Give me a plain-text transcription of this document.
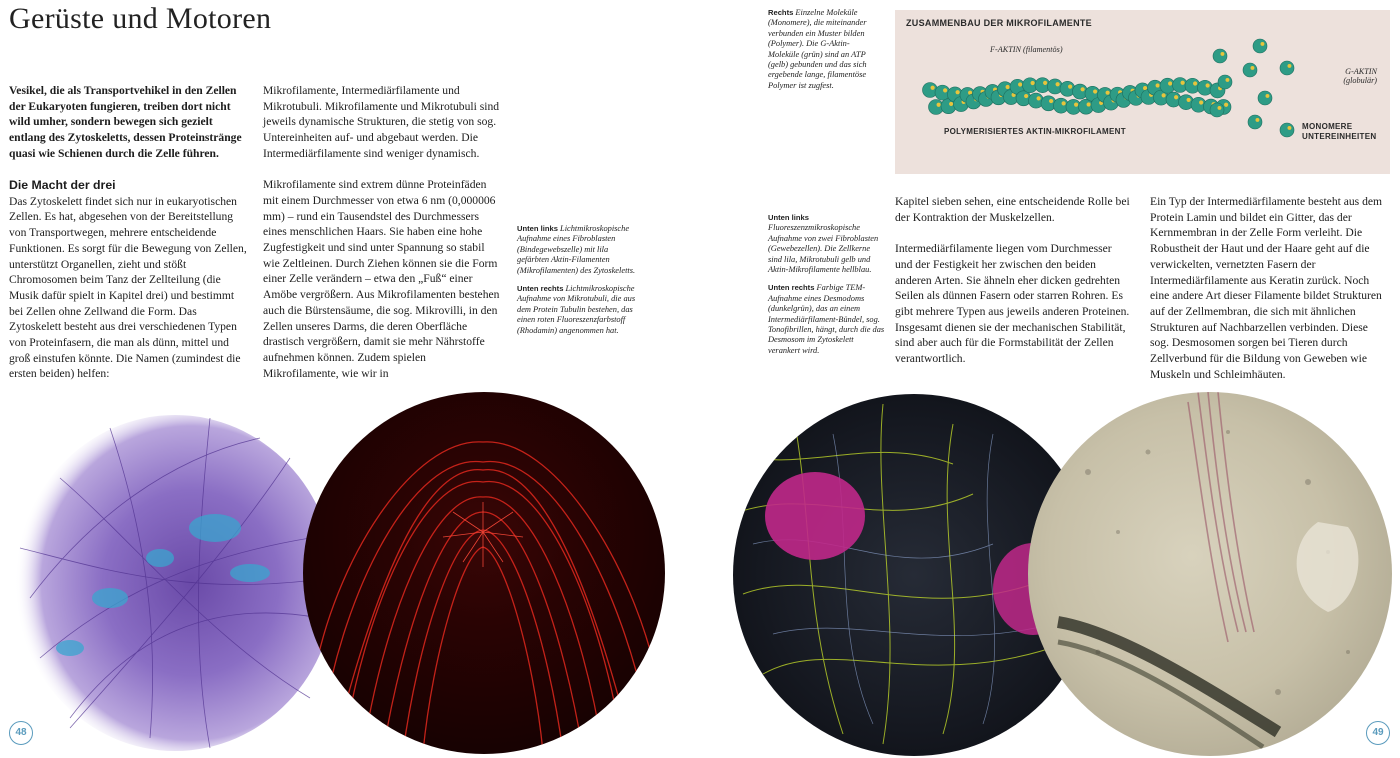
Gerüste und Motoren
Vesikel, die als Transportvehikel in den Zellen der Eukaryoten fungieren, treiben dort nicht wild umher, sondern bewegen sich gezielt entlang des Zytoskeletts, dessen Proteinstränge quasi wie Schienen durch die Zelle führen.
Die Macht der drei

Das Zytoskelett findet sich nur in eukaryotischen Zellen. Es hat, abgesehen von der Bereitstellung von Transportwegen, mehrere entscheidende Funktionen. Es sorgt für die Bewegung von Zellen, unterstützt Organellen, zieht und stößt Chromosomen beim Tanz der Zellteilung (die Musik dafür spielt in Kapitel drei) und bestimmt bei Zellen ohne Zellwand die Form. Das Zytoskelett besteht aus drei verschiedenen Typen von Proteinfasern, die man als dünn, mittel und groß einstufen könnte. Die Namen (zumindest die ersten beiden) helfen:

Mikrofilamente, Intermediärfilamente und Mikrotubuli. Mikrofilamente und Mikrotubuli sind jeweils dynamische Strukturen, die stetig von sog. Untereinheiten auf- und abgebaut werden. Die Intermediärfilamente sind weniger dynamisch.

Mikrofilamente sind extrem dünne Proteinfäden mit einem Durchmesser von etwa 6 nm (0,000006 mm) – rund ein Tausendstel des Durchmessers eines menschlichen Haars. Sie haben eine hohe Zugfestigkeit und sind unter Spannung so stabil wie Zeltleinen. Durch Ziehen können sie die Form einer Zelle verändern – etwa den „Fuß“ einer Amöbe vergrößern. Aus Mikrofilamenten bestehen auch die Bürstensäume, die sog. Mikrovilli, in den Zellen unseres Darms, die deren Oberfläche drastisch vergrößern, damit sie mehr Nährstoffe aufnehmen können. Zudem spielen Mikrofilamente, wie wir in

Unten links Lichtmikroskopische Aufnahme eines Fibroblasten (Bindegewebszelle) mit lila gefärbten Aktin-Filamenten (Mikrofilamenten) des Zytoskeletts.

Unten rechts Lichtmikroskopische Aufnahme von Mikrotubuli, die aus dem Protein Tubulin bestehen, das einen roten Fluoreszenzfarbstoff (Rhodamin) angenommen hat.

48

Rechts Einzelne Moleküle (Monomere), die miteinander verbunden ein Muster bilden (Polymer). Die G-Aktin-Moleküle (grün) sind an ATP (gelb) gebunden und das sich ergebende lange, filamentöse Polymer ist zugfest.

ZUSAMMENBAU DER MIKROFILAMENTE
F-AKTIN (filamentös)
G-AKTIN (globulär)
POLYMERISIERTES AKTIN-MIKROFILAMENT
MONOMERE UNTEREINHEITEN

Kapitel sieben sehen, eine entscheidende Rolle bei der Kontraktion der Muskelzellen.

Intermediärfilamente liegen vom Durchmesser und der Festigkeit her zwischen den beiden anderen Arten. Sie ähneln eher dicken gedrehten Seilen als dünnen Fasern oder starren Rohren. Es gibt mehrere Typen aus jeweils anderen Proteinen. Insgesamt dienen sie der mechanischen Stabilität, sind aber auch für die Formstabilität der Zellen verantwortlich.

Ein Typ der Intermediärfilamente besteht aus dem Protein Lamin und bildet ein Gitter, das der Kernmembran in der Zelle Form verleiht. Die Robustheit der Haut und der Haare geht auf die verwickelten, vernetzten Fasern der Intermediärfilamente aus Keratin zurück. Noch eine andere Art dieser Filamente bildet Strukturen auf der Zellmembran, die sich mit ähnlichen Strukturen auf Nachbarzellen verbinden. Diese sog. Desmosomen sorgen bei Tieren durch Zellverbund für die Bildung von Geweben wie Muskeln und Schleimhäuten.

Unten links Fluoreszenzmikroskopische Aufnahme von zwei Fibroblasten (Gewebezellen). Die Zellkerne sind lila, Mikrotubuli gelb und Aktin-Mikrofilamente hellblau.

Unten rechts Farbige TEM-Aufnahme eines Desmodoms (dunkelgrün), das an einem Intermediärfilament-Bündel, sog. Tonofibrillen, hängt, durch die das Desmosom im Zytoskelett verankert wird.

49
